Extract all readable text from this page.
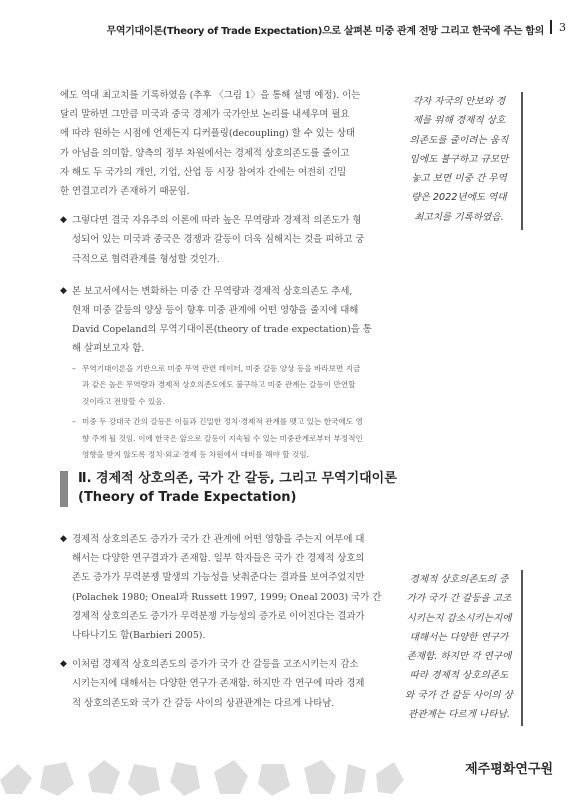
무역기대이론(Theory of Trade Expectation)으로 살펴본 미중 관계 전망 그리고 한국에 주는 함의 3
에도 역대 최고치를 기록하였음 (추후 〈그림 1〉을 통해 설명 예정). 이는
달리 말하면 그만큼 미국과 중국 경제가 국가안보 논리를 내세우며 필요
에 따라 원하는 시점에 언제든지 디커플링(decoupling) 할 수 있는 상태
가 아님을 의미함. 양측의 정부 차원에서는 경제적 상호의존도를 줄이고
자 해도 두 국가의 개인, 기업, 산업 등 시장 참여자 간에는 여전히 긴밀
한 연결고리가 존재하기 때문임.
◆ 그렇다면 결국 자유주의 이론에 따라 높은 무역량과 경제적 의존도가 형
성되어 있는 미국과 중국은 경쟁과 갈등이 더욱 심해지는 것을 피하고 궁
극적으로 협력관계를 형성할 것인가.
◆ 본 보고서에서는 변화하는 미중 간 무역량과 경제적 상호의존도 추세,
현재 미중 갈등의 양상 등이 향후 미중 관계에 어떤 영향을 줄지에 대해
David Copeland의 무역기대이론(theory of trade expectation)을 통
해 살펴보고자 함.
– 무역기대이론을 기반으로 미중 무역 관련 데이터, 미중 갈등 양상 등을 바라보면 지금
과 같은 높은 무역량과 경제적 상호의존도에도 불구하고 미중 관계는 갈등이 만연할
것이라고 전망할 수 있음.
– 미중 두 강대국 간의 갈등은 이들과 긴밀한 정치·경제적 관계를 맺고 있는 한국에도 영
향 주게 될 것임. 이에 한국은 앞으로 갈등이 지속될 수 있는 미중관계로부터 부정적인
영향을 받지 않도록 정치·외교·경제 등 차원에서 대비를 해야 할 것임.
각자 자국의 안보와 경
제를 위해 경제적 상호
의존도를 줄이려는 움직
임에도 불구하고 규모만
놓고 보면 미중 간 무역
량은 2022년에도 역대
최고치를 기록하였음.
Ⅱ. 경제적 상호의존, 국가 간 갈등, 그리고 무역기대이론
(Theory of Trade Expectation)
◆ 경제적 상호의존도 증가가 국가 간 관계에 어떤 영향을 주는지 여부에 대
해서는 다양한 연구결과가 존재함. 일부 학자들은 국가 간 경제적 상호의
존도 증가가 무력분쟁 발생의 가능성을 낮춰준다는 결과를 보여주었지만
(Polachek 1980; Oneal과 Russett 1997, 1999; Oneal 2003) 국가 간
경제적 상호의존도 증가가 무력분쟁 가능성의 증가로 이어진다는 결과가
나타나기도 함(Barbieri 2005).
◆ 이처럼 경제적 상호의존도의 증가가 국가 간 갈등을 고조시키는지 감소
시키는지에 대해서는 다양한 연구가 존재함. 하지만 각 연구에 따라 경제
적 상호의존도와 국가 간 갈등 사이의 상관관계는 다르게 나타남.
경제적 상호의존도의 증
가가 국가 간 갈등을 고조
시키는지 감소시키는지에
대해서는 다양한 연구가
존재함. 하지만 각 연구에
따라 경제적 상호의존도
와 국가 간 갈등 사이의 상
관관계는 다르게 나타남.
제주평화연구원
